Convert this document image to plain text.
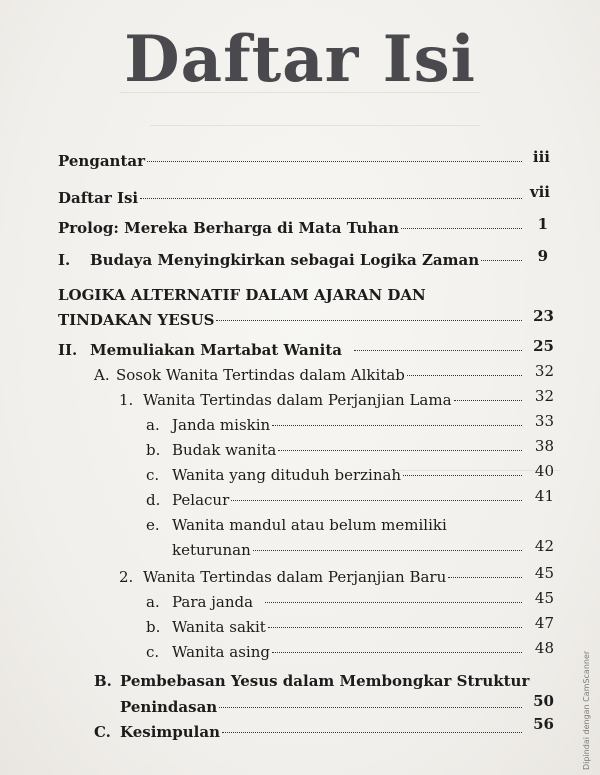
Daftar Isi
Pengantar	iii
Daftar Isi	vii
Prolog: Mereka Berharga di Mata Tuhan	1
I.	Budaya Menyingkirkan sebagai Logika Zaman	9
LOGIKA ALTERNATIF DALAM AJARAN DAN
TINDAKAN YESUS	23
II. Memuliakan Martabat Wanita	25
A. Sosok Wanita Tertindas dalam Alkitab	32
1. Wanita Tertindas dalam Perjanjian Lama	32
a. Janda miskin	33
b. Budak wanita	38
c. Wanita yang dituduh berzinah	40
d. Pelacur	41
e. Wanita mandul atau belum memiliki
keturunan	42
2. Wanita Tertindas dalam Perjanjian Baru	45
a. Para janda	45
b. Wanita sakit	47
c. Wanita asing	48
B. Pembebasan Yesus dalam Membongkar Struktur
Penindasan	50
C. Kesimpulan	56	Dipindai dengan CamScanner
